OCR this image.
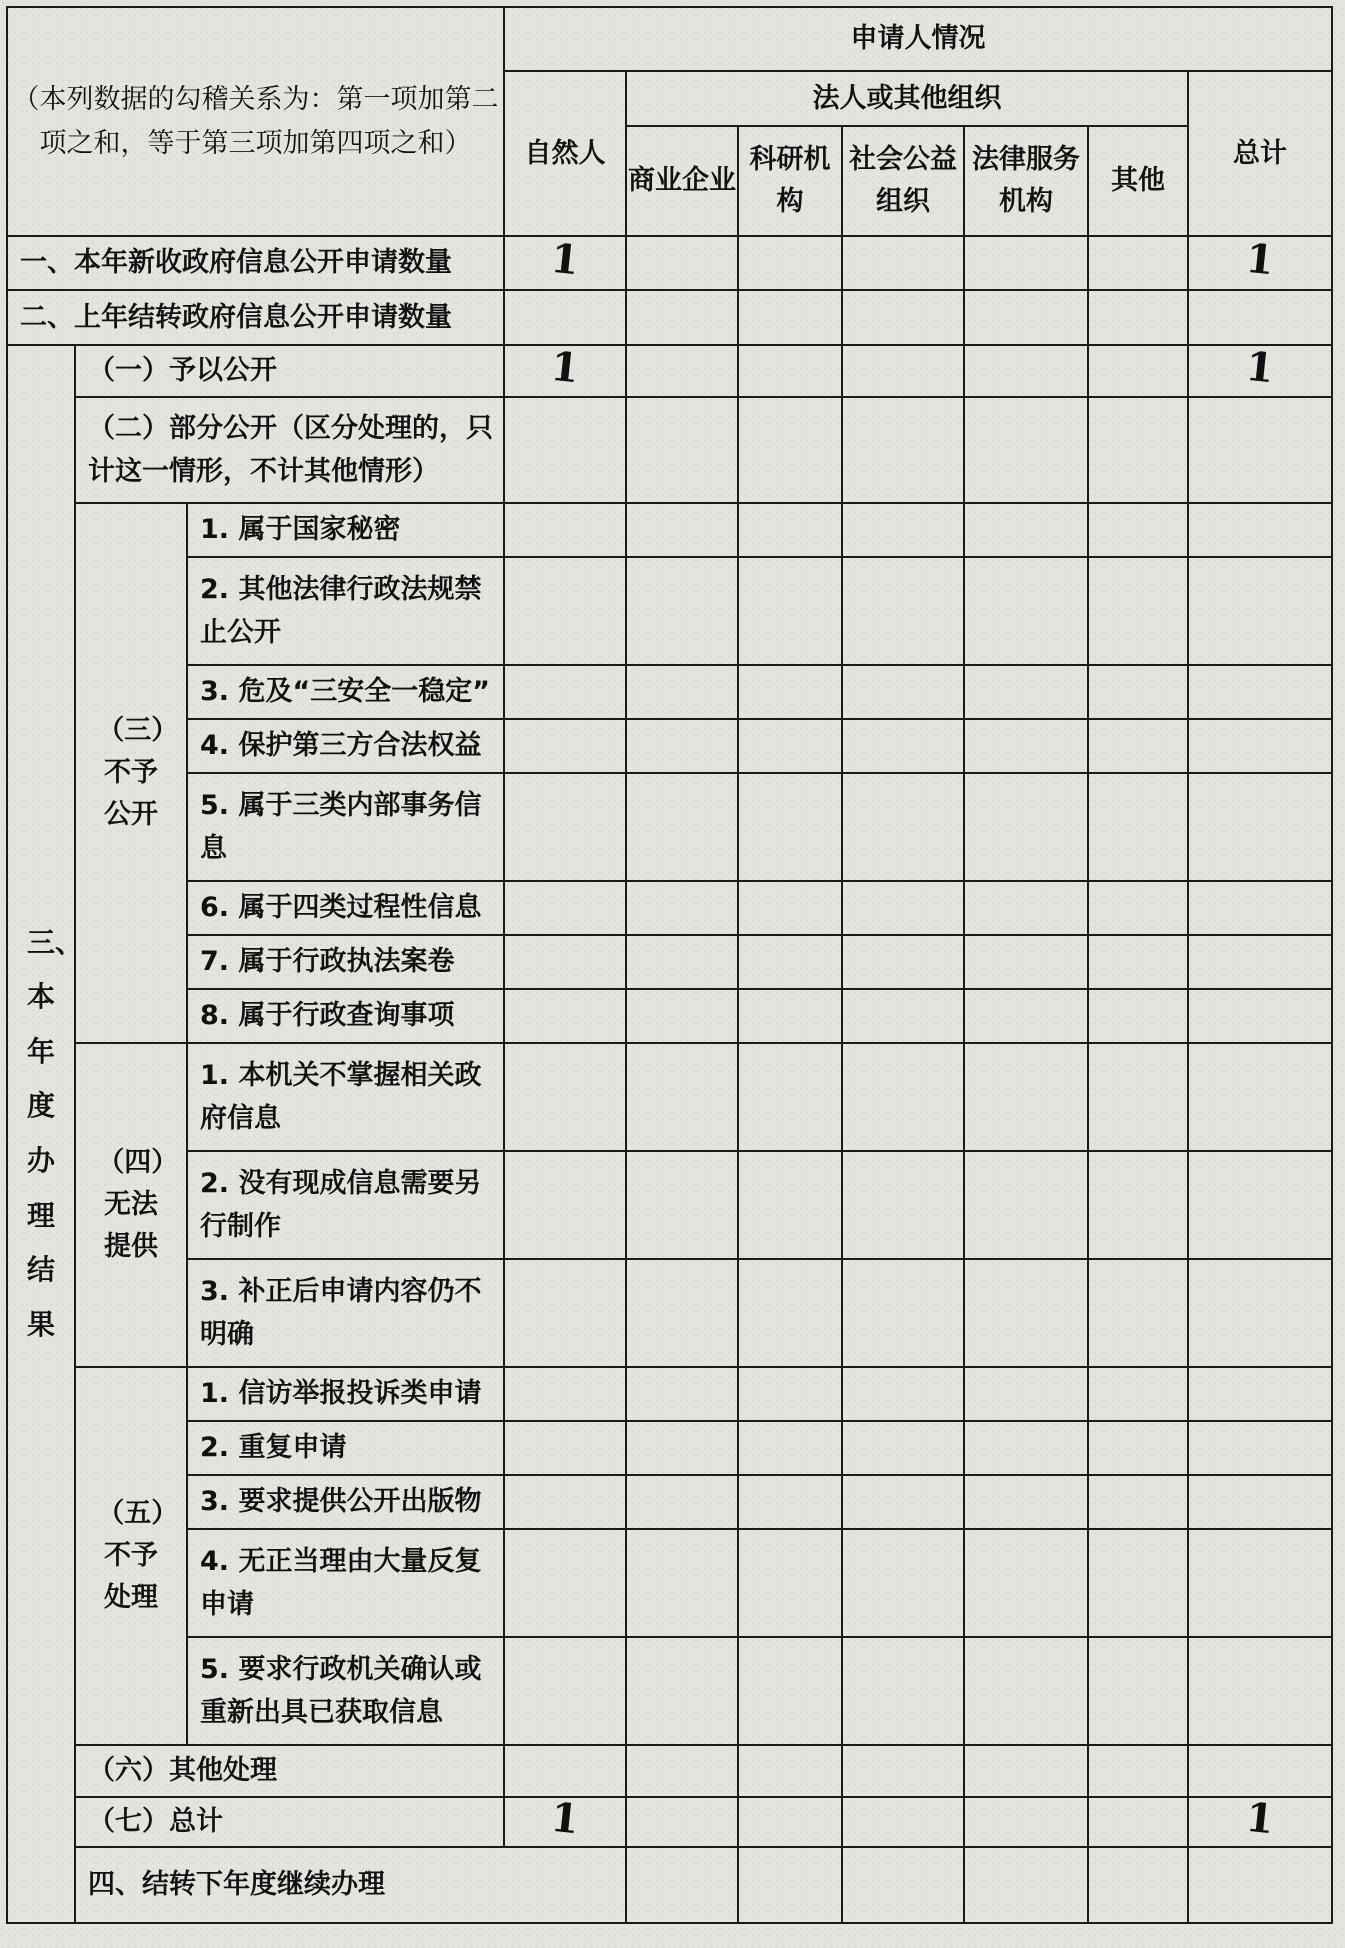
（本列数据的勾稽关系为：第一项加第二项之和，等于第三项加第四项之和）			申请人情况							
			自然人	法人或其他组织					总计	
				商业企业	科研机构	社会公益组织	法律服务机构	其他		
一、本年新收政府信息公开申请数量			1						1	
二、上年结转政府信息公开申请数量										
三、本年度办理结果	（一）予以公开		1						1	
	（二）部分公开（区分处理的，只计这一情形，不计其他情形）									
	（三）不予公开	1. 属于国家秘密								
		2. 其他法律行政法规禁止公开								
		3. 危及“三安全一稳定”								
		4. 保护第三方合法权益								
		5. 属于三类内部事务信息								
		6. 属于四类过程性信息								
		7. 属于行政执法案卷								
		8. 属于行政查询事项								
	（四）无法提供	1. 本机关不掌握相关政府信息								
		2. 没有现成信息需要另行制作								
		3. 补正后申请内容仍不明确								
	（五）不予处理	1. 信访举报投诉类申请								
		2. 重复申请								
		3. 要求提供公开出版物								
		4. 无正当理由大量反复申请								
		5. 要求行政机关确认或重新出具已获取信息								
	（六）其他处理									
	（七）总计		1						1	
	四、结转下年度继续办理									
